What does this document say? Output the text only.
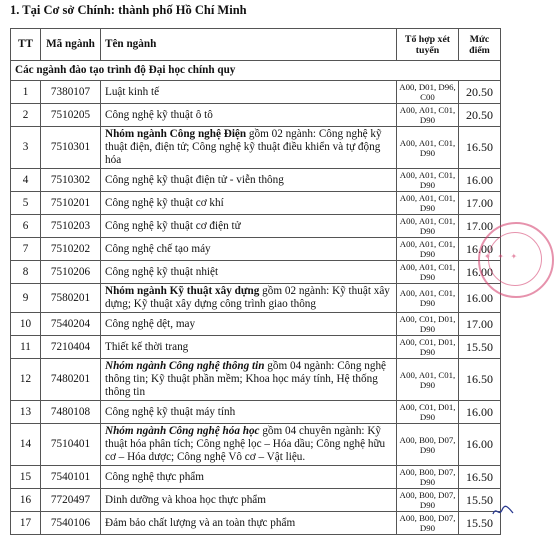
1. Tại Cơ sở Chính: thành phố Hồ Chí Minh
TT	Mã ngành	Tên ngành	Tổ hợp xét tuyển	Mức điểm
Các ngành đào tạo trình độ Đại học chính quy				
1	7380107	Luật kinh tế	A00, D01, D96, C00	20.50
2	7510205	Công nghệ kỹ thuật ô tô	A00, A01, C01, D90	20.50
3	7510301	Nhóm ngành Công nghệ Điện gồm 02 ngành: Công nghệ kỹ thuật điện, điện tử; Công nghệ kỹ thuật điều khiển và tự động hóa	A00, A01, C01, D90	16.50
4	7510302	Công nghệ kỹ thuật điện tử - viễn thông	A00, A01, C01, D90	16.00
5	7510201	Công nghệ kỹ thuật cơ khí	A00, A01, C01, D90	17.00
6	7510203	Công nghệ kỹ thuật cơ điện tử	A00, A01, C01, D90	17.00
7	7510202	Công nghệ chế tạo máy	A00, A01, C01, D90	16.00
8	7510206	Công nghệ kỹ thuật nhiệt	A00, A01, C01, D90	16.00
9	7580201	Nhóm ngành Kỹ thuật xây dựng gồm 02 ngành: Kỹ thuật xây dựng; Kỹ thuật xây dựng công trình giao thông	A00, A01, C01, D90	16.00
10	7540204	Công nghệ dệt, may	A00, C01, D01, D90	17.00
11	7210404	Thiết kế thời trang	A00, C01, D01, D90	15.50
12	7480201	Nhóm ngành Công nghệ thông tin gồm 04 ngành: Công nghệ thông tin; Kỹ thuật phần mềm; Khoa học máy tính, Hệ thống thông tin	A00, A01, C01, D90	16.50
13	7480108	Công nghệ kỹ thuật máy tính	A00, C01, D01, D90	16.00
14	7510401	Nhóm ngành Công nghệ hóa học gồm 04 chuyên ngành: Kỹ thuật hóa phân tích; Công nghệ lọc – Hóa dầu; Công nghệ hữu cơ – Hóa dược; Công nghệ Vô cơ – Vật liệu.	A00, B00, D07, D90	16.00
15	7540101	Công nghệ thực phẩm	A00, B00, D07, D90	16.50
16	7720497	Dinh dưỡng và khoa học thực phẩm	A00, B00, D07, D90	15.50
17	7540106	Đảm bảo chất lượng và an toàn thực phẩm	A00, B00, D07, D90	15.50
✦ ✦ ✦
